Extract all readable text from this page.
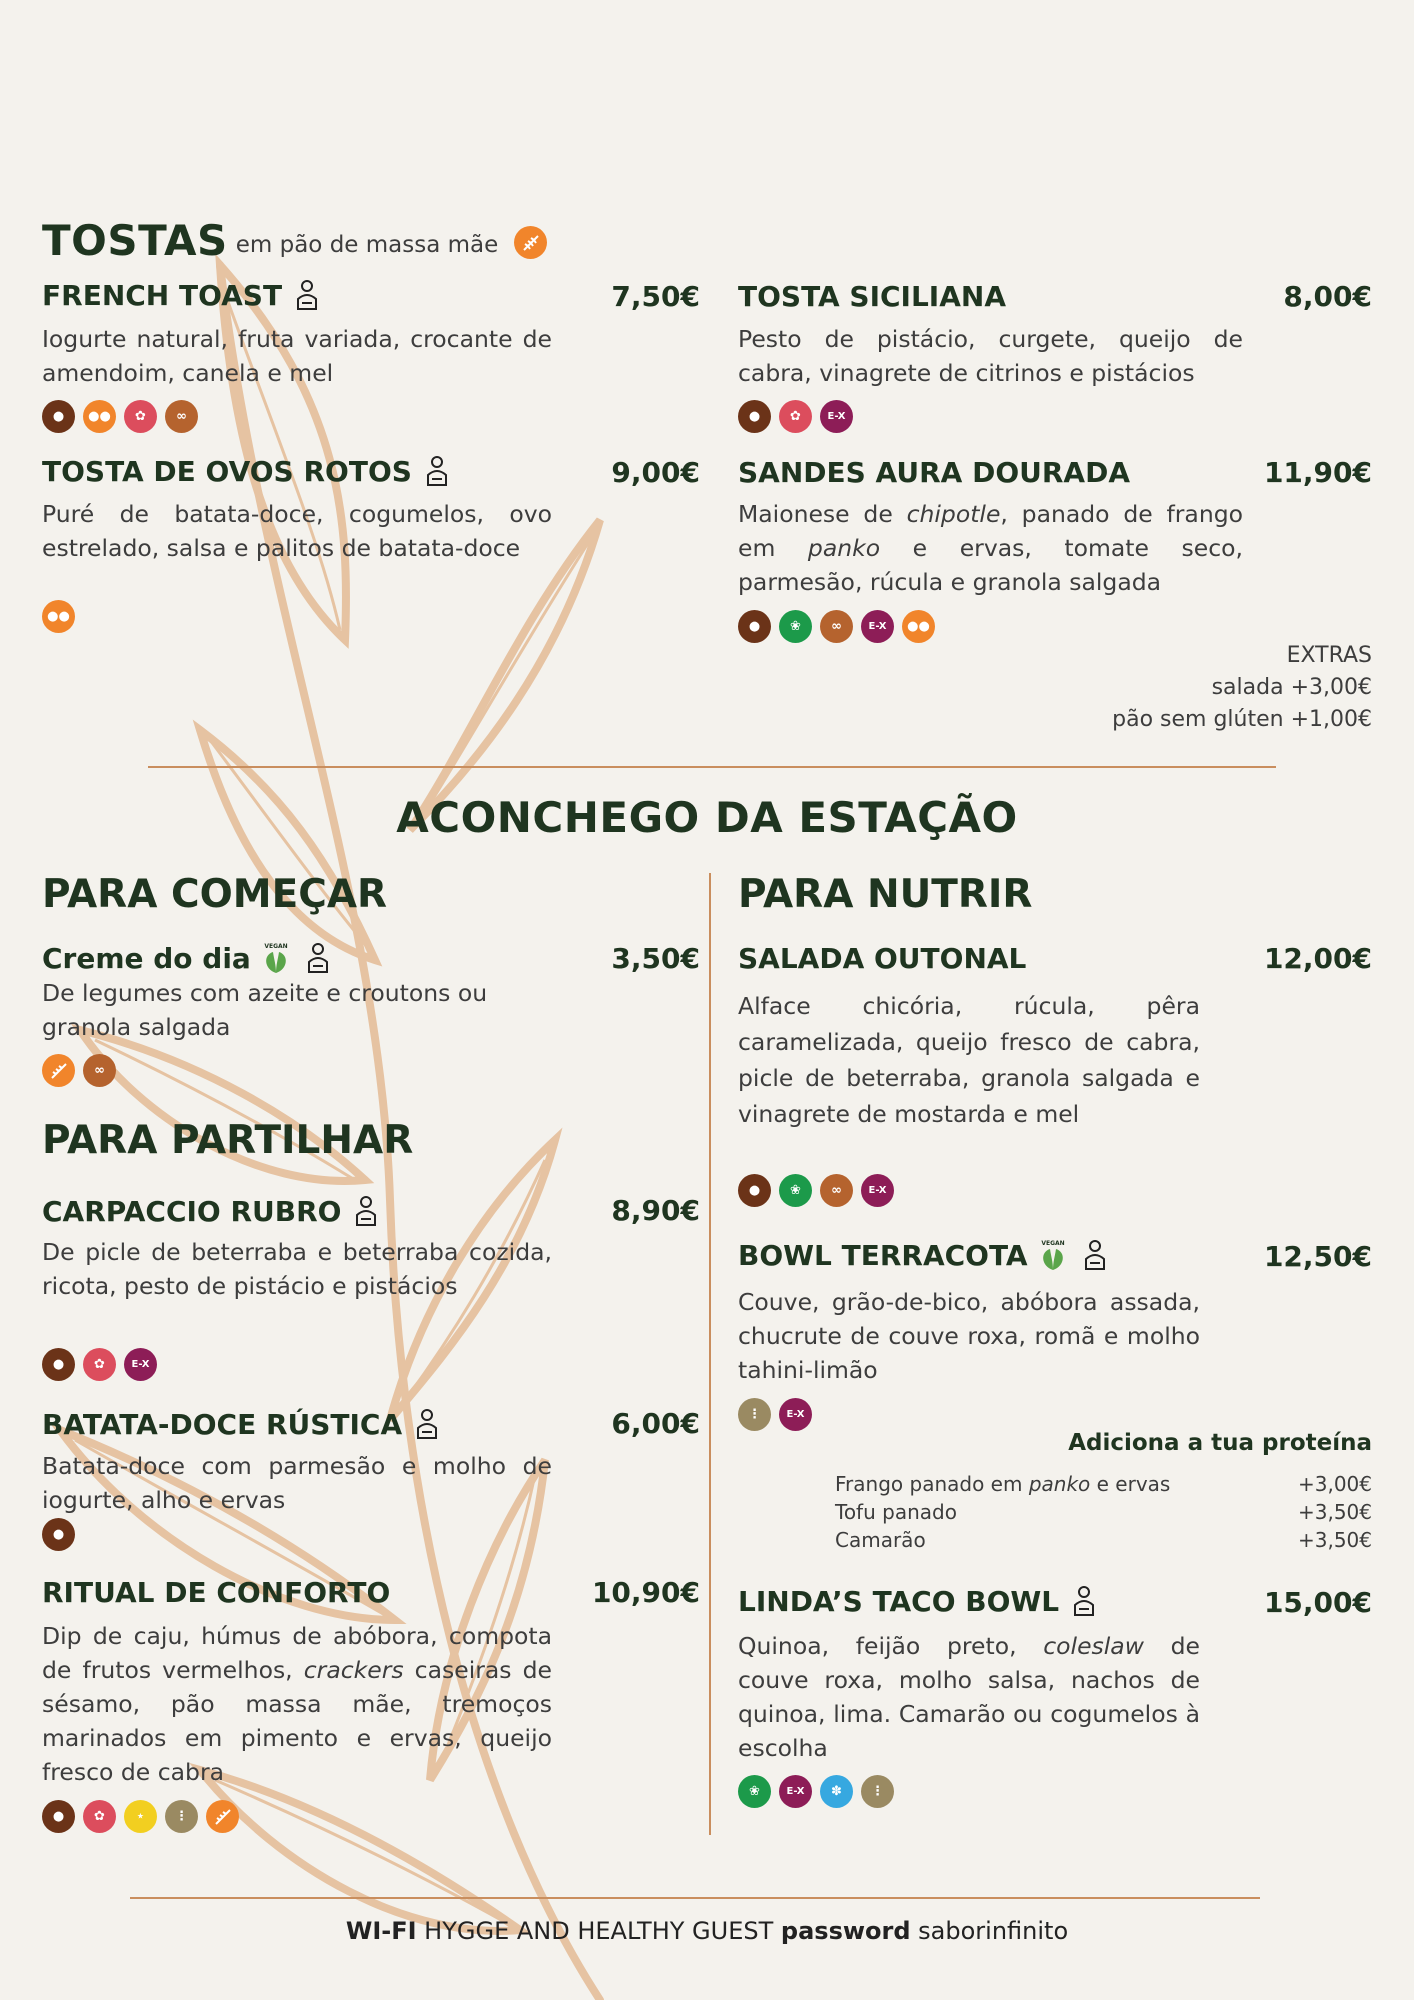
TOSTAS em pão de massa mãe
FRENCH TOAST	7,50€
Iogurte natural, fruta variada, crocante de amendoim, canela e mel
●	●●	✿	∞
TOSTA SICILIANA	8,00€
Pesto de pistácio, curgete, queijo de cabra, vinagrete de citrinos e pistácios
●	✿	E-X
TOSTA DE OVOS ROTOS	9,00€
Puré de batata-doce, cogumelos, ovo estrelado, salsa e palitos de batata-doce
●●
SANDES AURA DOURADA	11,90€
Maionese de chipotle, panado de frango em panko e ervas, tomate seco, parmesão, rúcula e granola salgada
●	❀	∞	E-X	●●
EXTRAS
salada +3,00€
pão sem glúten +1,00€
ACONCHEGO DA ESTAÇÃO
PARA COMEÇAR
Creme do dia VEGAN	3,50€
De legumes com azeite e croutons ou granola salgada
∞
PARA PARTILHAR
CARPACCIO RUBRO	8,90€
De picle de beterraba e beterraba cozida, ricota, pesto de pistácio e pistácios
●	✿	E-X
BATATA-DOCE RÚSTICA	6,00€
Batata-doce com parmesão e molho de iogurte, alho e ervas
●
RITUAL DE CONFORTO	10,90€
Dip de caju, húmus de abóbora, compota de frutos vermelhos, crackers caseiras de sésamo, pão massa mãe, tremoços marinados em pimento e ervas, queijo fresco de cabra
●	✿	⋆	⋮
PARA NUTRIR
SALADA OUTONAL	12,00€
Alface chicória, rúcula, pêra caramelizada, queijo fresco de cabra, picle de beterraba, granola salgada e vinagrete de mostarda e mel
●	❀	∞	E-X
BOWL TERRACOTA VEGAN	12,50€
Couve, grão-de-bico, abóbora assada, chucrute de couve roxa, romã e molho tahini-limão
⋮	E-X
Adiciona a tua proteína
Frango panado em panko e ervas	+3,00€
Tofu panado	+3,50€
Camarão	+3,50€
LINDA’S TACO BOWL	15,00€
Quinoa, feijão preto, coleslaw de couve roxa, molho salsa, nachos de quinoa, lima. Camarão ou cogumelos à escolha
❀	E-X	✽	⋮
WI-FI HYGGE AND HEALTHY GUEST password saborinfinito
